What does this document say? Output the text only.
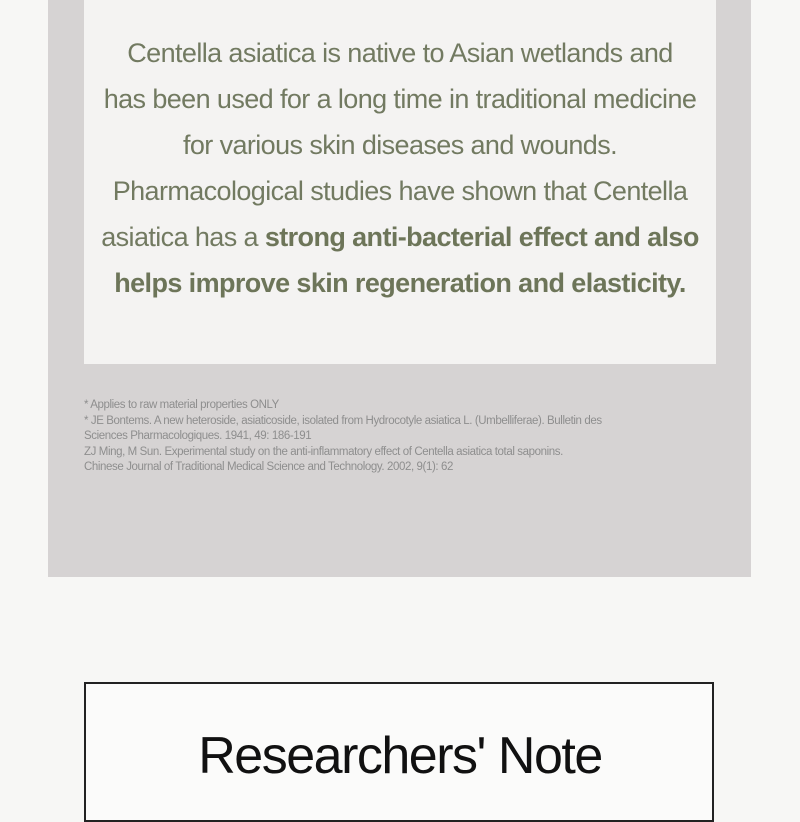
Centella asiatica is native to Asian wetlands and
has been used for a long time in traditional medicine
for various skin diseases and wounds.
Pharmacological studies have shown that Centella
asiatica has a strong anti-bacterial effect and also
helps improve skin regeneration and elasticity.
* Applies to raw material properties ONLY
* JE Bontems. A new heteroside, asiaticoside, isolated from Hydrocotyle asiatica L. (Umbelliferae). Bulletin des
Sciences Pharmacologiques. 1941, 49: 186-191
ZJ Ming, M Sun. Experimental study on the anti-inflammatory effect of Centella asiatica total saponins.
Chinese Journal of Traditional Medical Science and Technology. 2002, 9(1): 62
Researchers' Note
